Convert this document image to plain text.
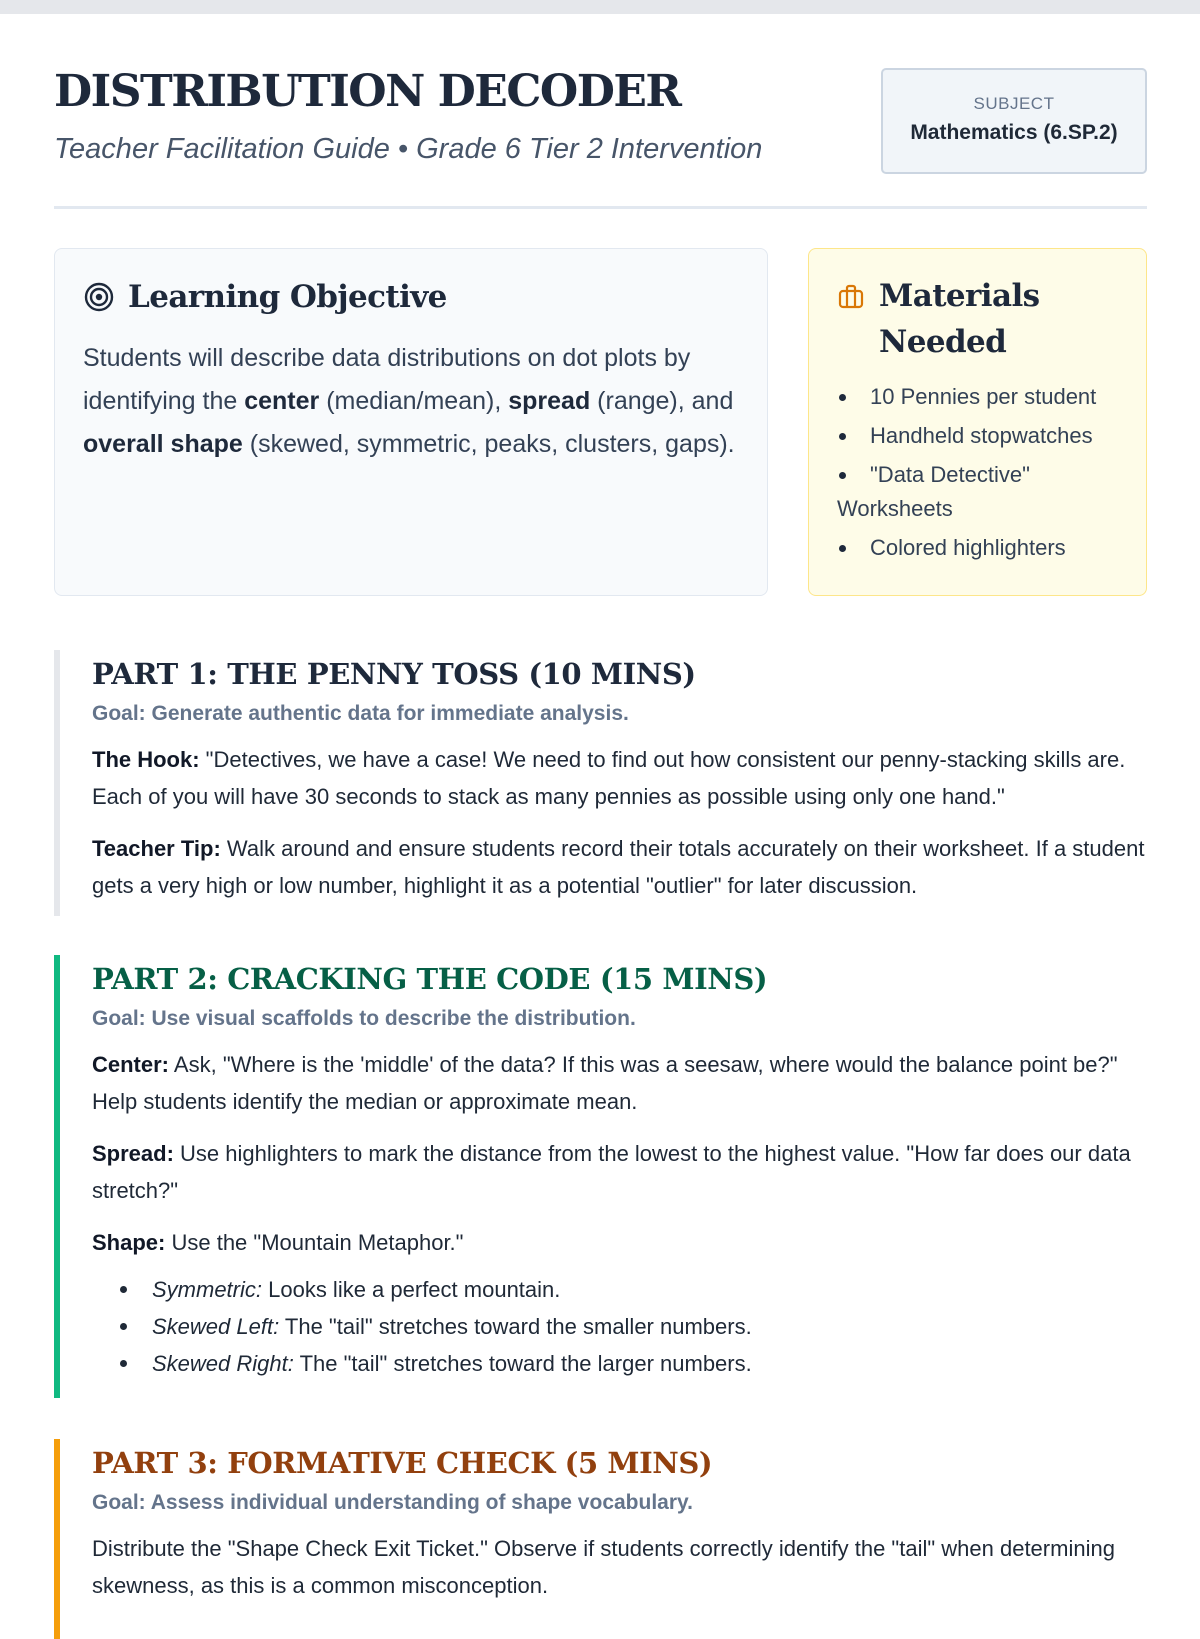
DISTRIBUTION DECODER
Teacher Facilitation Guide • Grade 6 Tier 2 Intervention
SUBJECT
Mathematics (6.SP.2)
Learning Objective

Students will describe data distributions on dot plots by identifying the center (median/mean), spread (range), and overall shape (skewed, symmetric, peaks, clusters, gaps).

Materials Needed
10 Pennies per student
Handheld stopwatches
"Data Detective" Worksheets
Colored highlighters
PART 1: THE PENNY TOSS (10 MINS)
Goal: Generate authentic data for immediate analysis.
The Hook: "Detectives, we have a case! We need to find out how consistent our penny-stacking skills are. Each of you will have 30 seconds to stack as many pennies as possible using only one hand."
Teacher Tip: Walk around and ensure students record their totals accurately on their worksheet. If a student gets a very high or low number, highlight it as a potential "outlier" for later discussion.
PART 2: CRACKING THE CODE (15 MINS)
Goal: Use visual scaffolds to describe the distribution.
Center: Ask, "Where is the 'middle' of the data? If this was a seesaw, where would the balance point be?" Help students identify the median or approximate mean.
Spread: Use highlighters to mark the distance from the lowest to the highest value. "How far does our data stretch?"
Shape: Use the "Mountain Metaphor."
Symmetric: Looks like a perfect mountain.
Skewed Left: The "tail" stretches toward the smaller numbers.
Skewed Right: The "tail" stretches toward the larger numbers.
PART 3: FORMATIVE CHECK (5 MINS)
Goal: Assess individual understanding of shape vocabulary.
Distribute the "Shape Check Exit Ticket." Observe if students correctly identify the "tail" when determining skewness, as this is a common misconception.
